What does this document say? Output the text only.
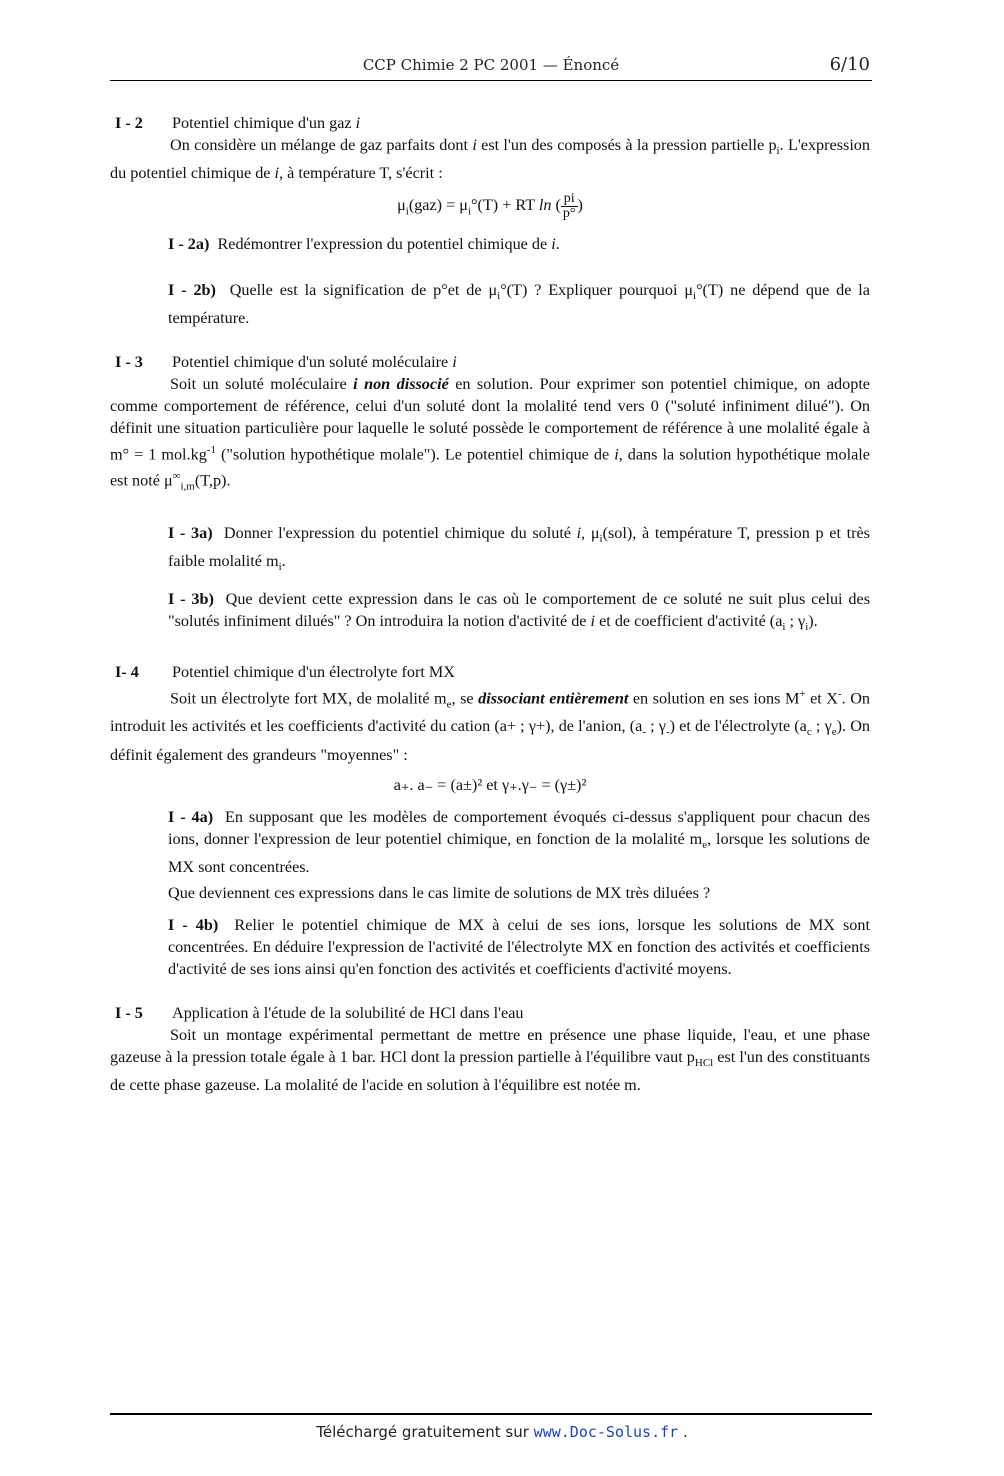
CCP Chimie 2 PC 2001 — Énoncé	6/10
I - 2 Potentiel chimique d'un gaz i
On considère un mélange de gaz parfaits dont i est l'un des composés à la pression partielle $p_i$. L'expression du potentiel chimique de i, à température T, s'écrit :
$\mu_i(gaz) = \mu_i^\circ(T)$ + RT ln ( $\frac{pi}{p^\circ}$ )
I - 2a) Redémontrer l'expression du potentiel chimique de i.
I - 2b) Quelle est la signification de p°et de $\mu_i^\circ(T)$ ? Expliquer pourquoi $\mu_i^\circ(T)$ ne dépend que de la température.
I - 3 Potentiel chimique d'un soluté moléculaire i
Soit un soluté moléculaire i non dissocié en solution. Pour exprimer son potentiel chimique, on adopte comme comportement de référence, celui d'un soluté dont la molalité tend vers 0 ("soluté infiniment dilué"). On définit une situation particulière pour laquelle le soluté possède le comportement de référence à une molalité égale à m° = 1 $mol.kg^{-1}$ ("solution hypothétique molale"). Le potentiel chimique de i, dans la solution hypothétique molale est noté $\mu^\infty_{i,m}(T,p)$.
I - 3a) Donner l'expression du potentiel chimique du soluté i, $\mu_i(sol)$, à température T, pression p et très faible molalité $m_i$.
I - 3b) Que devient cette expression dans le cas où le comportement de ce soluté ne suit plus celui des "solutés infiniment dilués" ? On introduira la notion d'activité de i et de coefficient d'activité ($a_i$ ; $\gamma_i$).
I- 4 Potentiel chimique d'un électrolyte fort MX
Soit un électrolyte fort MX, de molalité $m_e$, se dissociant entièrement en solution en ses ions M+ et X-. On introduit les activités et les coefficients d'activité du cation (a+ ; γ+), de l'anion, ($a_-$ ; $\gamma_-$) et de l'électrolyte ($a_c$ ; $\gamma_e$). On définit également des grandeurs "moyennes" :
a₊. a₋ = (a±)² et γ₊.γ₋ = (γ±)²
I - 4a) En supposant que les modèles de comportement évoqués ci-dessus s'appliquent pour chacun des ions, donner l'expression de leur potentiel chimique, en fonction de la molalité $m_e$, lorsque les solutions de MX sont concentrées.
Que deviennent ces expressions dans le cas limite de solutions de MX très diluées ?
I - 4b) Relier le potentiel chimique de MX à celui de ses ions, lorsque les solutions de MX sont concentrées. En déduire l'expression de l'activité de l'électrolyte MX en fonction des activités et coefficients d'activité de ses ions ainsi qu'en fonction des activités et coefficients d'activité moyens.
I - 5 Application à l'étude de la solubilité de HCl dans l'eau
Soit un montage expérimental permettant de mettre en présence une phase liquide, l'eau, et une phase gazeuse à la pression totale égale à 1 bar. HCl dont la pression partielle à l'équilibre vaut $p_{HCl}$ est l'un des constituants de cette phase gazeuse. La molalité de l'acide en solution à l'équilibre est notée m.
Téléchargé gratuitement sur www.Doc-Solus.fr .
